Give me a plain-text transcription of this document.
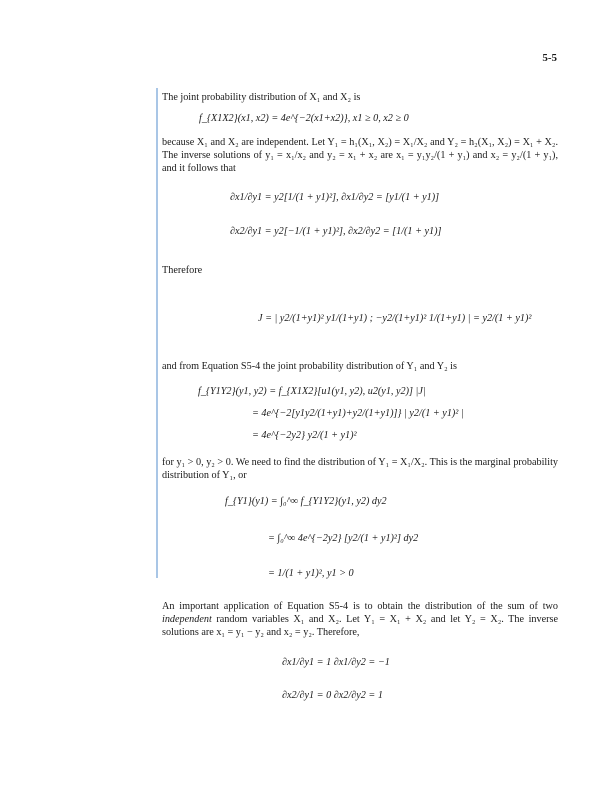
5-5
The joint probability distribution of X₁ and X₂ is
f_{X1X2}(x1, x2) = 4e^{−2(x1+x2)}, x1 ≥ 0, x2 ≥ 0
because X₁ and X₂ are independent. Let Y₁ = h₁(X₁, X₂) = X₁/X₂ and Y₂ = h₂(X₁, X₂) = X₁ + X₂. The inverse solutions of y₁ = x₁/x₂ and y₂ = x₁ + x₂ are x₁ = y₁y₂/(1 + y₁) and x₂ = y₂/(1 + y₁), and it follows that
∂x1/∂y1 = y2[1/(1 + y1)²], ∂x1/∂y2 = [y1/(1 + y1)]
∂x2/∂y1 = y2[−1/(1 + y1)²], ∂x2/∂y2 = [1/(1 + y1)]
Therefore
J = | y2/(1+y1)² y1/(1+y1) ; −y2/(1+y1)² 1/(1+y1) | = y2/(1 + y1)²
and from Equation S5-4 the joint probability distribution of Y₁ and Y₂ is
f_{Y1Y2}(y1, y2) = f_{X1X2}[u1(y1, y2), u2(y1, y2)] |J|
= 4e^{−2[y1y2/(1+y1)+y2/(1+y1)]} | y2/(1 + y1)² |
= 4e^{−2y2} y2/(1 + y1)²
for y₁ > 0, y₂ > 0. We need to find the distribution of Y₁ = X₁/X₂. This is the marginal probability distribution of Y₁, or
f_{Y1}(y1) = ∫₀^∞ f_{Y1Y2}(y1, y2) dy2
= ∫₀^∞ 4e^{−2y2} [y2/(1 + y1)²] dy2
= 1/(1 + y1)², y1 > 0
An important application of Equation S5-4 is to obtain the distribution of the sum of two independent random variables X₁ and X₂. Let Y₁ = X₁ + X₂ and let Y₂ = X₂. The inverse solutions are x₁ = y₁ − y₂ and x₂ = y₂. Therefore,
∂x1/∂y1 = 1 ∂x1/∂y2 = −1
∂x2/∂y1 = 0 ∂x2/∂y2 = 1
